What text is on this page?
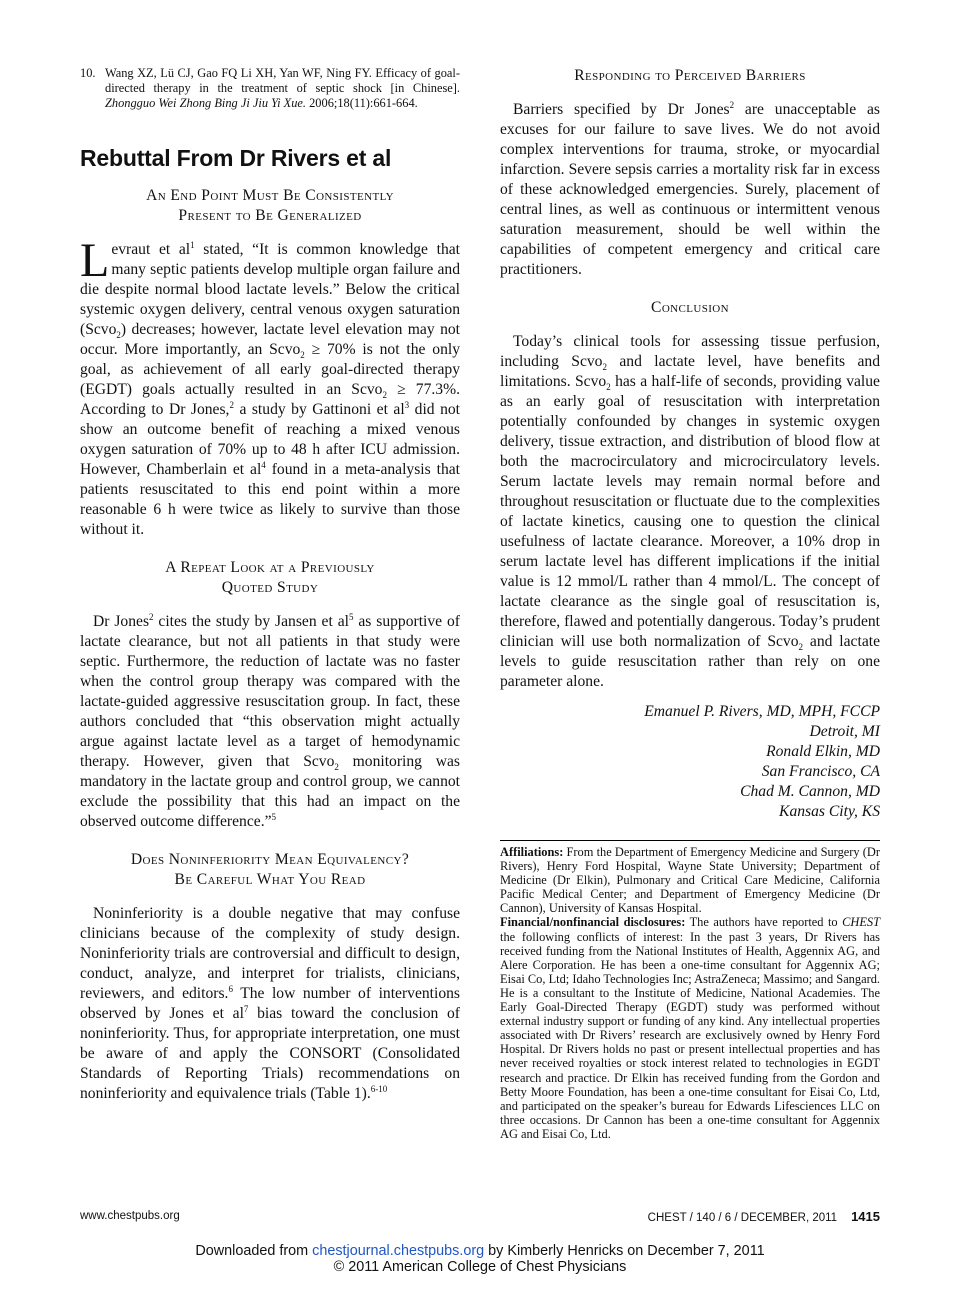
10. Wang XZ, Lü CJ, Gao FQ Li XH, Yan WF, Ning FY. Efficacy of goal-directed therapy in the treatment of septic shock [in Chinese]. Zhongguo Wei Zhong Bing Ji Jiu Yi Xue. 2006;18(11):661-664.

Rebuttal From Dr Rivers et al
An End Point Must Be Consistently
Present to Be Generalized

Levraut et $al^1$ stated, “It is common knowledge that many septic patients develop multiple organ failure and die despite normal blood lactate levels.” Below the critical systemic oxygen delivery, central venous oxygen saturation (Scvo$_2$) decreases; however, lactate level elevation may not occur. More importantly, an Scvo$_2$ ≥ 70% is not the only goal, as achievement of all early goal-directed therapy (EGDT) goals actually resulted in an Scvo$_2$ ≥ 77.3%. According to Dr Jones,$^2$ a study by Gattinoni et $al^3$ did not show an outcome benefit of reaching a mixed venous oxygen saturation of 70% up to 48 h after ICU admission. However, Chamberlain et $al^4$ found in a meta-analysis that patients resuscitated to this end point within a more reasonable 6 h were twice as likely to survive than those without it.

A Repeat Look at a Previously
Quoted Study

Dr Jones$^2$ cites the study by Jansen et $al^5$ as supportive of lactate clearance, but not all patients in that study were septic. Furthermore, the reduction of lactate was no faster when the control group therapy was compared with the lactate-guided aggressive resuscitation group. In fact, these authors concluded that “this observation might actually argue against lactate level as a target of hemodynamic therapy. However, given that Scvo$_2$ monitoring was mandatory in the lactate group and control group, we cannot exclude the possibility that this had an impact on the observed outcome difference.”$^5$

Does Noninferiority Mean Equivalency?
Be Careful What You Read

Noninferiority is a double negative that may confuse clinicians because of the complexity of study design. Noninferiority trials are controversial and difficult to design, conduct, analyze, and interpret for trialists, clinicians, reviewers, and editors.$^6$ The low number of interventions observed by Jones et $al^7$ bias toward the conclusion of noninferiority. Thus, for appropriate interpretation, one must be aware of and apply the CONSORT (Consolidated Standards of Reporting Trials) recommendations on noninferiority and equivalence trials (Table 1).$^{6-10}$

Responding to Perceived Barriers

Barriers specified by Dr Jones$^2$ are unacceptable as excuses for our failure to save lives. We do not avoid complex interventions for trauma, stroke, or myocardial infarction. Severe sepsis carries a mortality risk far in excess of these acknowledged emergencies. Surely, placement of central lines, as well as continuous or intermittent venous saturation measurement, should be well within the capabilities of competent emergency and critical care practitioners.

Conclusion

Today’s clinical tools for assessing tissue perfusion, including Scvo$_2$ and lactate level, have benefits and limitations. Scvo$_2$ has a half-life of seconds, providing value as an early goal of resuscitation with interpretation potentially confounded by changes in systemic oxygen delivery, tissue extraction, and distribution of blood flow at both the macrocirculatory and microcirculatory levels. Serum lactate levels may remain normal before and throughout resuscitation or fluctuate due to the complexities of lactate kinetics, causing one to question the clinical usefulness of lactate clearance. Moreover, a 10% drop in serum lactate level has different implications if the initial value is 12 mmol/L rather than 4 mmol/L. The concept of lactate clearance as the single goal of resuscitation is, therefore, flawed and potentially dangerous. Today’s prudent clinician will use both normalization of Scvo$_2$ and lactate levels to guide resuscitation rather than rely on one parameter alone.

Emanuel P. Rivers, MD, MPH, FCCP
Detroit, MI
Ronald Elkin, MD
San Francisco, CA
Chad M. Cannon, MD
Kansas City, KS
Affiliations: From the Department of Emergency Medicine and Surgery (Dr Rivers), Henry Ford Hospital, Wayne State University; Department of Medicine (Dr Elkin), Pulmonary and Critical Care Medicine, California Pacific Medical Center; and Department of Emergency Medicine (Dr Cannon), University of Kansas Hospital.
Financial/nonfinancial disclosures: The authors have reported to CHEST the following conflicts of interest: In the past 3 years, Dr Rivers has received funding from the National Institutes of Health, Aggennix AG, and Alere Corporation. He has been a one-time consultant for Aggennix AG; Eisai Co, Ltd; Idaho Technologies Inc; AstraZeneca; Massimo; and Sangard. He is a consultant to the Institute of Medicine, National Academies. The Early Goal-Directed Therapy (EGDT) study was performed without external industry support or funding of any kind. Any intellectual properties associated with Dr Rivers’ research are exclusively owned by Henry Ford Hospital. Dr Rivers holds no past or present intellectual properties and has never received royalties or stock interest related to technologies in EGDT research and practice. Dr Elkin has received funding from the Gordon and Betty Moore Foundation, has been a one-time consultant for Eisai Co, Ltd, and participated on the speaker’s bureau for Edwards Lifesciences LLC on three occasions. Dr Cannon has been a one-time consultant for Aggennix AG and Eisai Co, Ltd.
www.chestpubs.org	CHEST / 140 / 6 / DECEMBER, 2011 1415
Downloaded from chestjournal.chestpubs.org by Kimberly Henricks on December 7, 2011
© 2011 American College of Chest Physicians
